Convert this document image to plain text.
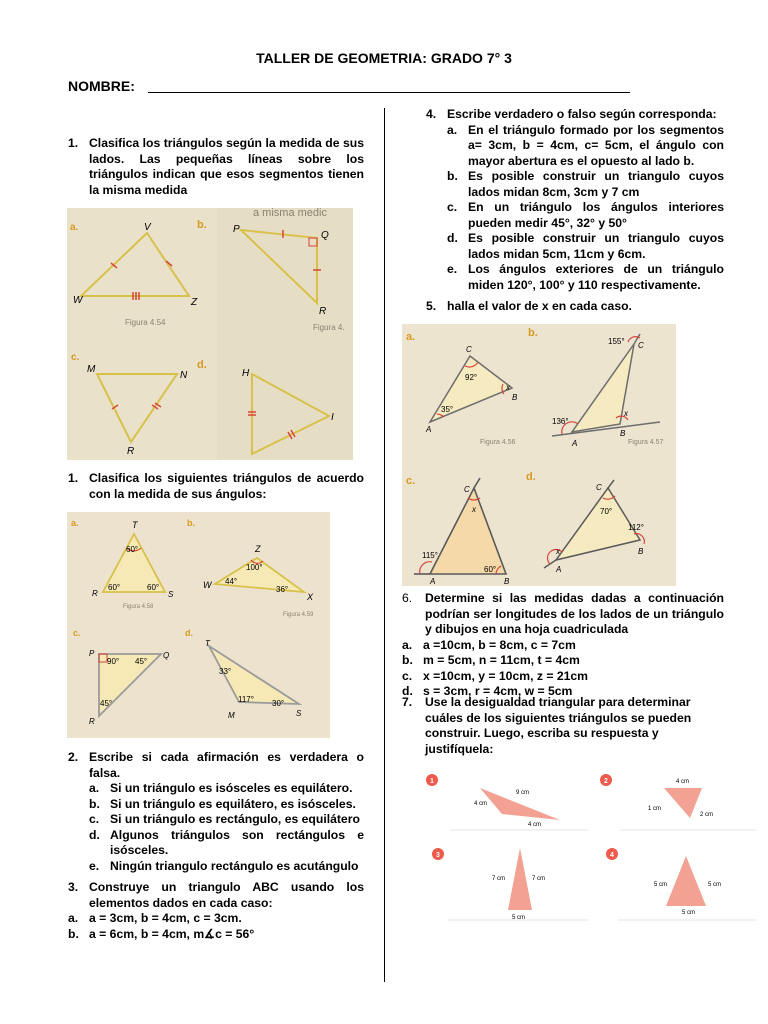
TALLER DE GEOMETRIA: GRADO 7° 3
NOMBRE:
1. Clasifica los triángulos según la medida de sus lados. Las pequeñas líneas sobre los triángulos indican que esos segmentos tienen la misma medida
a misma medic
a.	V
W	Z
Figura 4.54
b.	P
Q
R
Figura 4.
c.
M
N
R
d.
H
I
1. Clasifica los siguientes triángulos de acuerdo con la medida de sus ángulos:
a.	T
R	S
60°
60°	60°
Figura 4.58
b.
Z
W
X
100°
44°
36°
Figura 4.59
c.
P	Q
R
90° 45°
45°
d.
T
M	S
33°
117° 30°
2. Escribe si cada afirmación es verdadera o falsa.
a. Si un triángulo es isósceles es equilátero.
b. Si un triángulo es equilátero, es isósceles.
c. Si un triángulo es rectángulo, es equilátero
d. Algunos triángulos son rectángulos e isósceles.
e. Ningún triangulo rectángulo es acutángulo
3. Construye un triangulo ABC usando los elementos dados en cada caso:
a. a = 3cm, b = 4cm, c = 3cm.
b. a = 6cm, b = 4cm, m∡c = 56°
4. Escribe verdadero o falso según corresponda:
a. En el triángulo formado por los segmentos a= 3cm, b = 4cm, c= 5cm, el ángulo con mayor abertura es el opuesto al lado b.
b. Es posible construir un triangulo cuyos lados midan 8cm, 3cm y 7 cm
c. En un triángulo los ángulos interiores pueden medir 45°, 32° y 50°
d. Es posible construir un triangulo cuyos lados midan 5cm, 11cm y 6cm.
e. Los ángulos exteriores de un triángulo miden 120°, 100° y 110 respectivamente.
5. halla el valor de x en cada caso.
a.
C
B
A
92°
35°
x
Figura 4.56
b.
C
A
B
155°
136°
x
Figura 4.57
c.
C
A	B
115°
60°
x
d.
C
A
B
70°
112°
x
6.	Determine si las medidas dadas a continuación podrían ser longitudes de los lados de un triángulo y dibujos en una hoja cuadriculada
a. a =10cm, b = 8cm, c = 7cm
b. m = 5cm, n = 11cm, t = 4cm
c. x =10cm, y = 10cm, z = 21cm
d. s = 3cm, r = 4cm, w = 5cm
7.	Use la desigualdad triangular para determinar cuáles de los siguientes triángulos se pueden construir. Luego, escriba su respuesta y justifíquela:
1
9 cm
4 cm
4 cm
2	4 cm
1 cm
2 cm
3
7 cm	7 cm
5 cm
4
5 cm	5 cm
5 cm
